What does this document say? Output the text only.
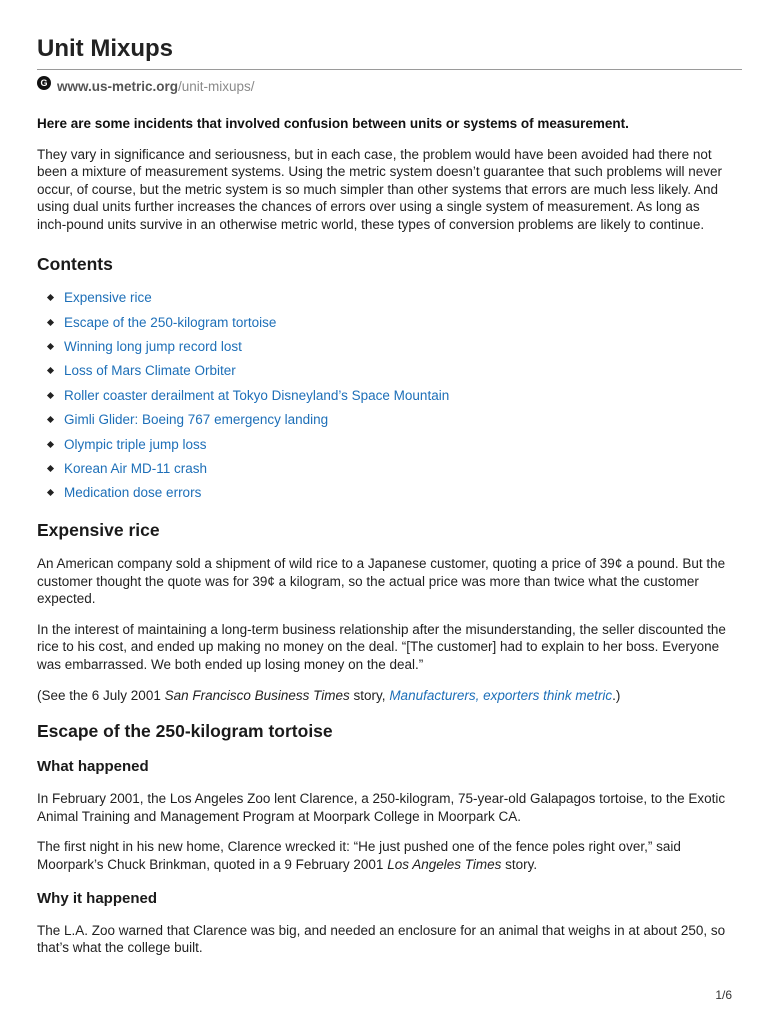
Unit Mixups
G www.us-metric.org /unit-mixups/

Here are some incidents that involved confusion between units or systems of measurement.

They vary in significance and seriousness, but in each case, the problem would have been avoided had there not been a mixture of measurement systems. Using the metric system doesn’t guarantee that such problems will never occur, of course, but the metric system is so much simpler than other systems that errors are much less likely. And using dual units further increases the chances of errors over using a single system of measurement. As long as inch-pound units survive in an otherwise metric world, these types of conversion problems are likely to continue.

Contents
Expensive rice
Escape of the 250-kilogram tortoise
Winning long jump record lost
Loss of Mars Climate Orbiter
Roller coaster derailment at Tokyo Disneyland’s Space Mountain
Gimli Glider: Boeing 767 emergency landing
Olympic triple jump loss
Korean Air MD-11 crash
Medication dose errors
Expensive rice

An American company sold a shipment of wild rice to a Japanese customer, quoting a price of 39¢ a pound. But the customer thought the quote was for 39¢ a kilogram, so the actual price was more than twice what the customer expected.

In the interest of maintaining a long-term business relationship after the misunderstanding, the seller discounted the rice to his cost, and ended up making no money on the deal. “[The customer] had to explain to her boss. Everyone was embarrassed. We both ended up losing money on the deal.”

(See the 6 July 2001 San Francisco Business Times story, Manufacturers, exporters think metric.)

Escape of the 250-kilogram tortoise
What happened

In February 2001, the Los Angeles Zoo lent Clarence, a 250-kilogram, 75-year-old Galapagos tortoise, to the Exotic Animal Training and Management Program at Moorpark College in Moorpark CA.

The first night in his new home, Clarence wrecked it: “He just pushed one of the fence poles right over,” said Moorpark’s Chuck Brinkman, quoted in a 9 February 2001 Los Angeles Times story.

Why it happened

The L.A. Zoo warned that Clarence was big, and needed an enclosure for an animal that weighs in at about 250, so that’s what the college built.

1/6
